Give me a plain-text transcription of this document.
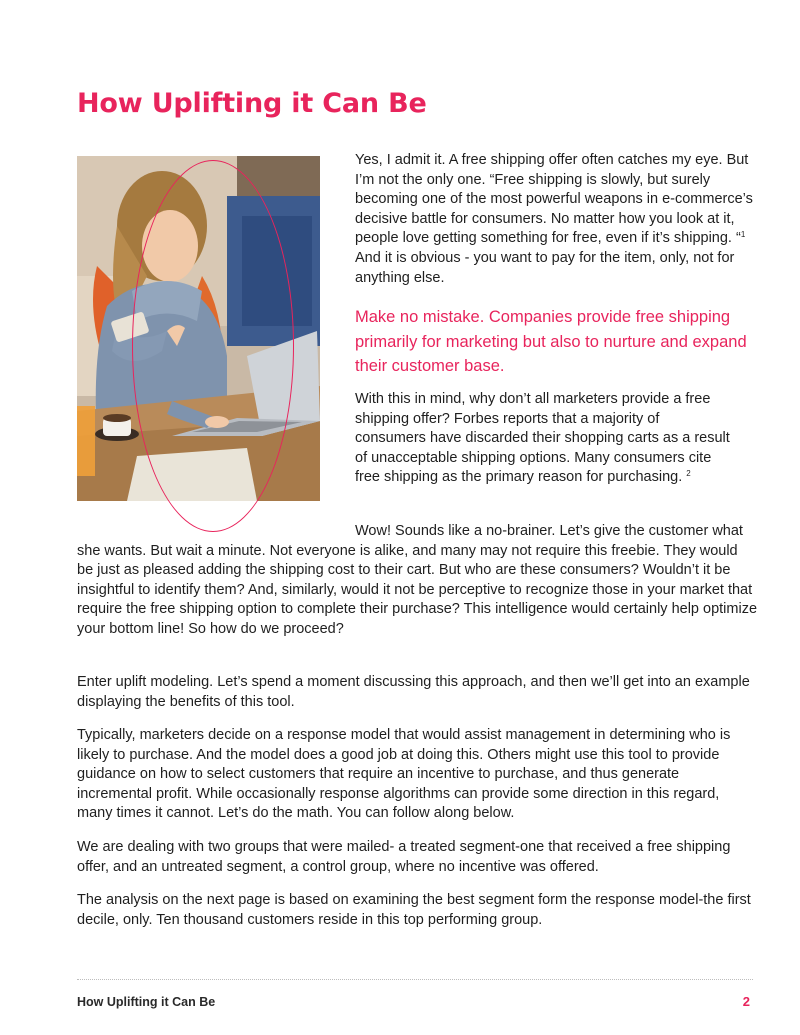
How Uplifting it Can Be

Yes, I admit it. A free shipping offer often catches my eye. But I’m not the only one. “Free shipping is slowly, but surely becoming one of the most powerful weapons in e-commerce’s decisive battle for consumers. No matter how you look at it, people love getting something for free, even if it’s shipping. “$^1$ And it is obvious - you want to pay for the item, only, not for anything else.

Make no mistake. Companies provide free shipping primarily for marketing but also to nurture and expand their customer base.

With this in mind, why don’t all marketers provide a free shipping offer? Forbes reports that a majority of consumers have discarded their shopping carts as a result of unacceptable shipping options. Many consumers cite free shipping as the primary reason for purchasing. $^2$

Wow! Sounds like a no-brainer. Let’s give the customer what she wants. But wait a minute. Not everyone is alike, and many may not require this freebie. They would be just as pleased adding the shipping cost to their cart. But who are these consumers? Wouldn’t it be insightful to identify them? And, similarly, would it not be perceptive to recognize those in your market that require the free shipping option to complete their purchase? This intelligence would certainly help optimize your bottom line! So how do we proceed?

Enter uplift modeling. Let’s spend a moment discussing this approach, and then we’ll get into an example displaying the benefits of this tool.

Typically, marketers decide on a response model that would assist management in determining who is likely to purchase. And the model does a good job at doing this. Others might use this tool to provide guidance on how to select customers that require an incentive to purchase, and thus generate incremental profit. While occasionally response algorithms can provide some direction in this regard, many times it cannot. Let’s do the math. You can follow along below.

We are dealing with two groups that were mailed- a treated segment-one that received a free shipping offer, and an untreated segment, a control group, where no incentive was offered.

The analysis on the next page is based on examining the best segment form the response model-the first decile, only. Ten thousand customers reside in this top performing group.

How Uplifting it Can Be	2
